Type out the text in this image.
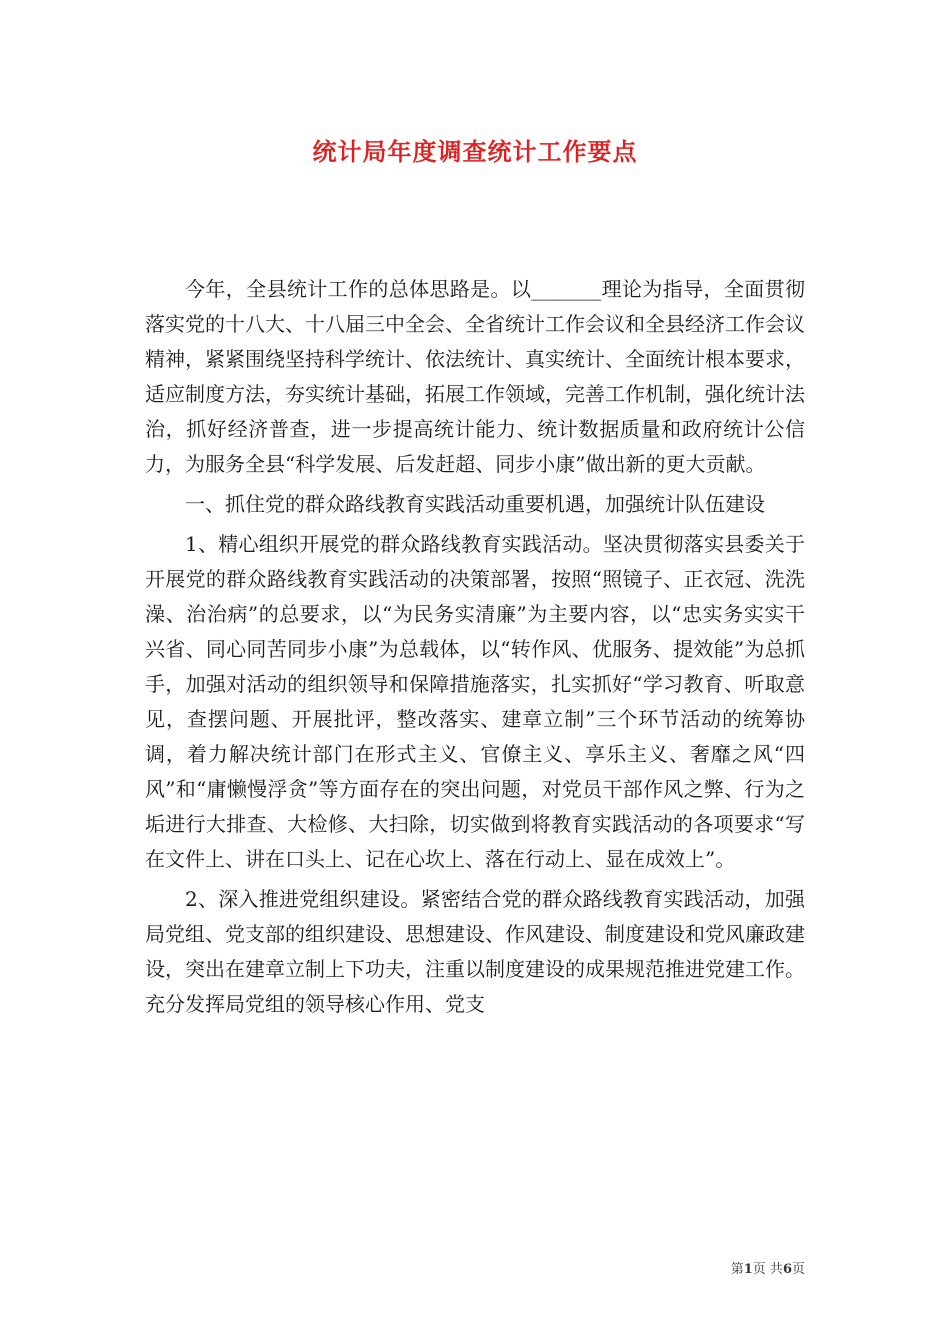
统计局年度调查统计工作要点

今年，全县统计工作的总体思路是。以_______理论为指导，全面贯彻落实党的十八大、十八届三中全会、全省统计工作会议和全县经济工作会议精神，紧紧围绕坚持科学统计、依法统计、真实统计、全面统计根本要求，适应制度方法，夯实统计基础，拓展工作领域，完善工作机制，强化统计法治，抓好经济普查，进一步提高统计能力、统计数据质量和政府统计公信力，为服务全县“科学发展、后发赶超、同步小康”做出新的更大贡献。

一、抓住党的群众路线教育实践活动重要机遇，加强统计队伍建设

1、精心组织开展党的群众路线教育实践活动。坚决贯彻落实县委关于开展党的群众路线教育实践活动的决策部署，按照“照镜子、正衣冠、洗洗澡、治治病”的总要求，以“为民务实清廉”为主要内容，以“忠实务实实干兴省、同心同苦同步小康”为总载体，以“转作风、优服务、提效能”为总抓手，加强对活动的组织领导和保障措施落实，扎实抓好“学习教育、听取意见，查摆问题、开展批评，整改落实、建章立制”三个环节活动的统筹协调，着力解决统计部门在形式主义、官僚主义、享乐主义、奢靡之风“四风”和“庸懒慢浮贪”等方面存在的突出问题，对党员干部作风之弊、行为之垢进行大排查、大检修、大扫除，切实做到将教育实践活动的各项要求“写在文件上、讲在口头上、记在心坎上、落在行动上、显在成效上”。

2、深入推进党组织建设。紧密结合党的群众路线教育实践活动，加强局党组、党支部的组织建设、思想建设、作风建设、制度建设和党风廉政建设，突出在建章立制上下功夫，注重以制度建设的成果规范推进党建工作。充分发挥局党组的领导核心作用、党支

第1页 共6页
